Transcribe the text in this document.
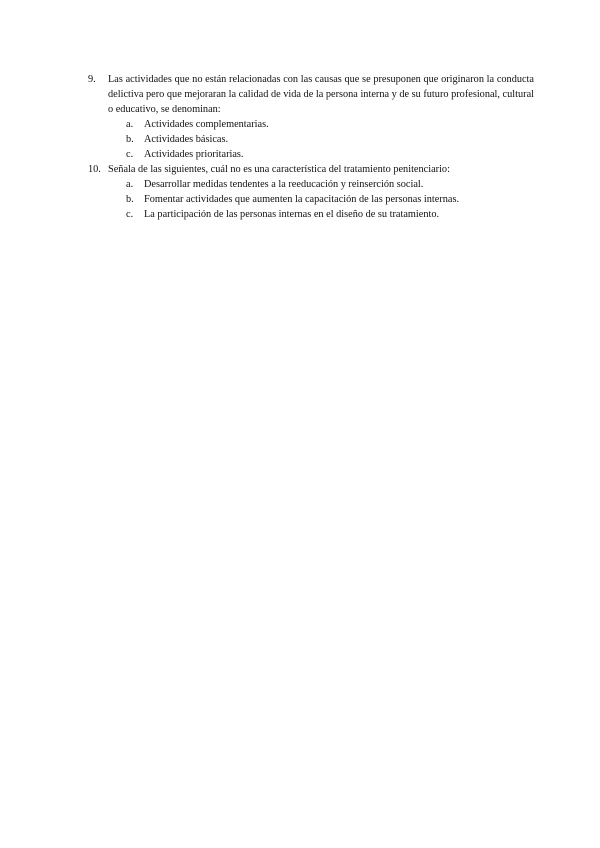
9.	Las actividades que no están relacionadas con las causas que se presuponen que originaron la conducta delictiva pero que mejoraran la calidad de vida de la persona interna y de su futuro profesional, cultural o educativo, se denominan:
a. Actividades complementarias.
b. Actividades básicas.
c. Actividades prioritarias.
10. Señala de las siguientes, cuál no es una característica del tratamiento penitenciario:
a. Desarrollar medidas tendentes a la reeducación y reinserción social.
b. Fomentar actividades que aumenten la capacitación de las personas internas.
c. La participación de las personas internas en el diseño de su tratamiento.
